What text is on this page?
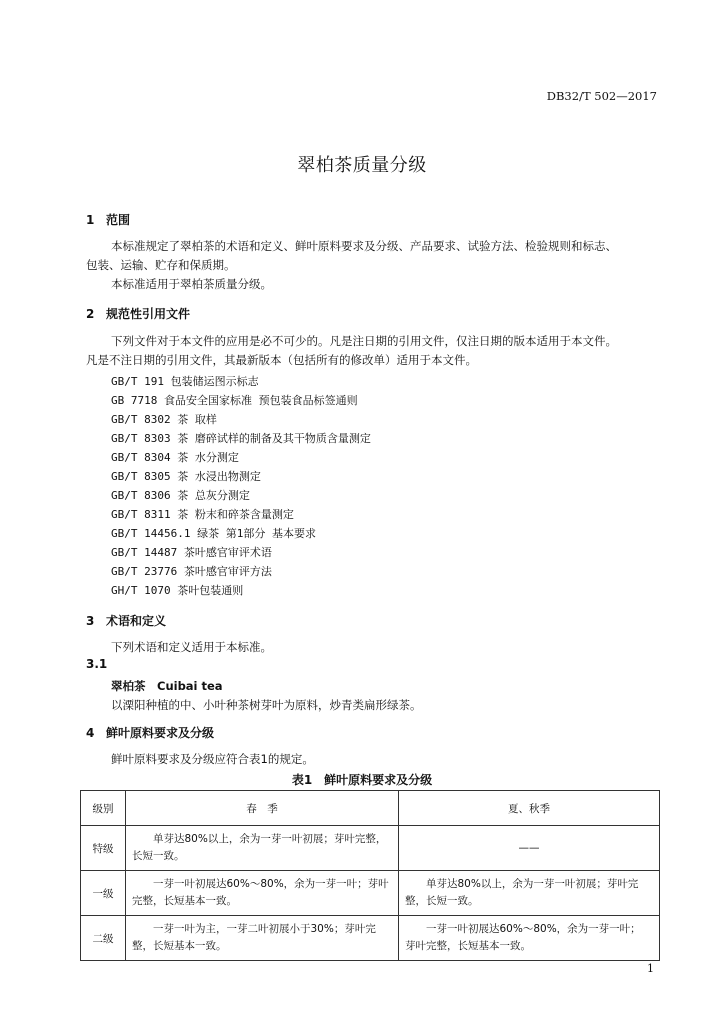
DB32/T 502—2017
翠柏茶质量分级
1 范围
本标准规定了翠柏茶的术语和定义、鲜叶原料要求及分级、产品要求、试验方法、检验规则和标志、
包装、运输、贮存和保质期。
本标准适用于翠柏茶质量分级。
2 规范性引用文件
下列文件对于本文件的应用是必不可少的。凡是注日期的引用文件，仅注日期的版本适用于本文件。
凡是不注日期的引用文件，其最新版本（包括所有的修改单）适用于本文件。
GB/T 191 包装储运图示标志
GB 7718 食品安全国家标准 预包装食品标签通则
GB/T 8302 茶 取样
GB/T 8303 茶 磨碎试样的制备及其干物质含量测定
GB/T 8304 茶 水分测定
GB/T 8305 茶 水浸出物测定
GB/T 8306 茶 总灰分测定
GB/T 8311 茶 粉末和碎茶含量测定
GB/T 14456.1 绿茶 第1部分 基本要求
GB/T 14487 茶叶感官审评术语
GB/T 23776 茶叶感官审评方法
GH/T 1070 茶叶包装通则
3 术语和定义
下列术语和定义适用于本标准。
3.1
翠柏茶　Cuibai tea
以溧阳种植的中、小叶种茶树芽叶为原料，炒青类扁形绿茶。
4 鲜叶原料要求及分级
鲜叶原料要求及分级应符合表1的规定。
表1　鲜叶原料要求及分级
级别	春　季	夏、秋季
特级	　　单芽达80%以上，余为一芽一叶初展；芽叶完整，长短一致。	——
一级	　　一芽一叶初展达60%～80%，余为一芽一叶；芽叶完整，长短基本一致。	　　单芽达80%以上，余为一芽一叶初展；芽叶完整，长短一致。
二级	　　一芽一叶为主，一芽二叶初展小于30%；芽叶完整，长短基本一致。	　　一芽一叶初展达60%～80%，余为一芽一叶；　芽叶完整，长短基本一致。
1
